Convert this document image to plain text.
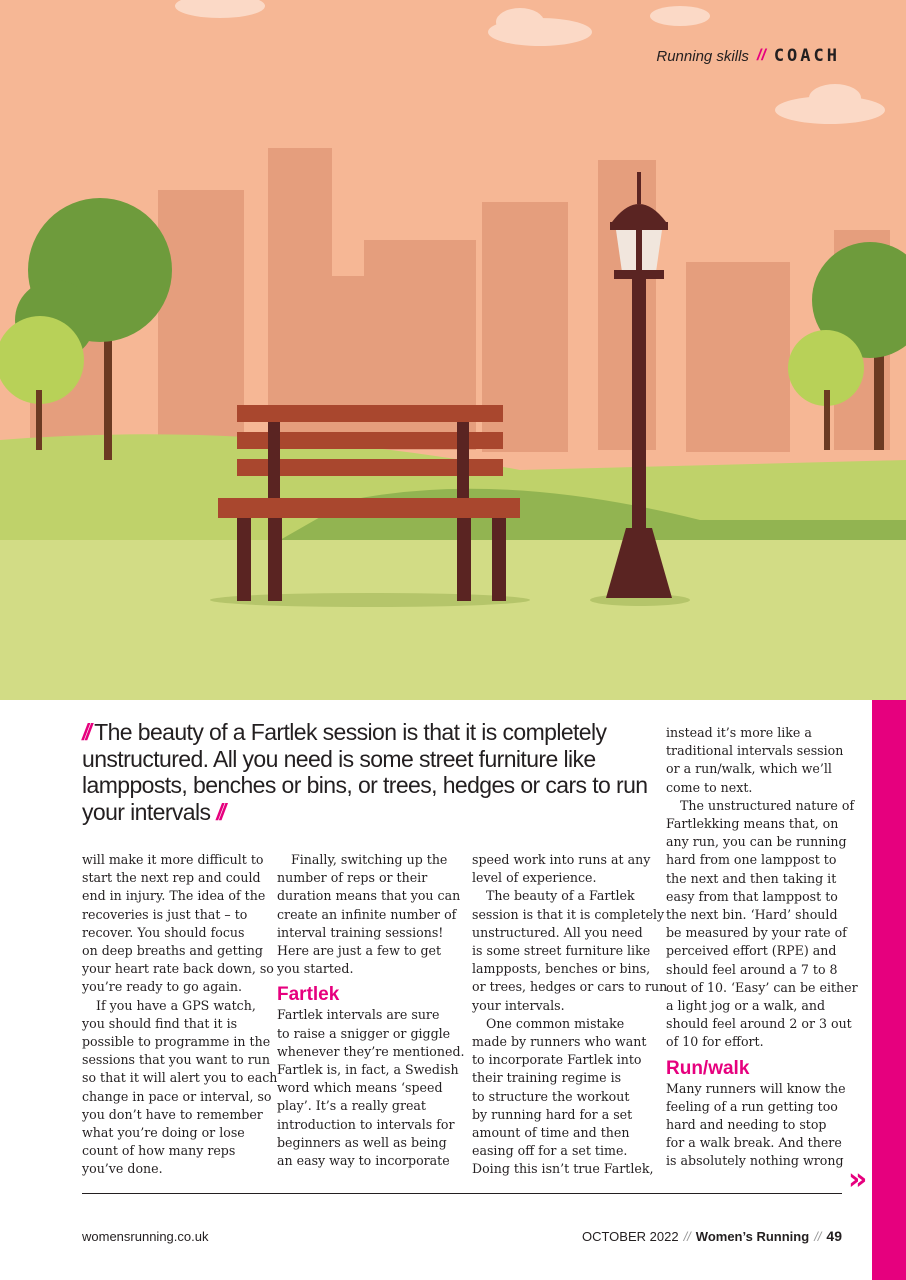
Running skills // COACH
// The beauty of a Fartlek session is that it is completely unstructured. All you need is some street furniture like lampposts, benches or bins, or trees, hedges or cars to run your intervals //

will make it more difficult to
start the next rep and could
end in injury. The idea of the
recoveries is just that – to
recover. You should focus
on deep breaths and getting
your heart rate back down, so
you’re ready to go again.

If you have a GPS watch,
you should find that it is
possible to programme in the
sessions that you want to run
so that it will alert you to each
change in pace or interval, so
you don’t have to remember
what you’re doing or lose
count of how many reps
you’ve done.

Finally, switching up the
number of reps or their
duration means that you can
create an infinite number of
interval training sessions!
Here are just a few to get
you started.

Fartlek

Fartlek intervals are sure
to raise a snigger or giggle
whenever they’re mentioned.
Fartlek is, in fact, a Swedish
word which means ‘speed
play’. It’s a really great
introduction to intervals for
beginners as well as being
an easy way to incorporate

speed work into runs at any
level of experience.

The beauty of a Fartlek
session is that it is completely
unstructured. All you need
is some street furniture like
lampposts, benches or bins,
or trees, hedges or cars to run
your intervals.

One common mistake
made by runners who want
to incorporate Fartlek into
their training regime is
to structure the workout
by running hard for a set
amount of time and then
easing off for a set time.
Doing this isn’t true Fartlek,

instead it’s more like a
traditional intervals session
or a run/walk, which we’ll
come to next.

The unstructured nature of
Fartlekking means that, on
any run, you can be running
hard from one lamppost to
the next and then taking it
easy from that lamppost to
the next bin. ‘Hard’ should
be measured by your rate of
perceived effort (RPE) and
should feel around a 7 to 8
out of 10. ‘Easy’ can be either
a light jog or a walk, and
should feel around 2 or 3 out
of 10 for effort.

Run/walk

Many runners will know the
feeling of a run getting too
hard and needing to stop
for a walk break. And there
is absolutely nothing wrong

»
womensrunning.co.uk	OCTOBER 2022 // Women’s Running // 49
